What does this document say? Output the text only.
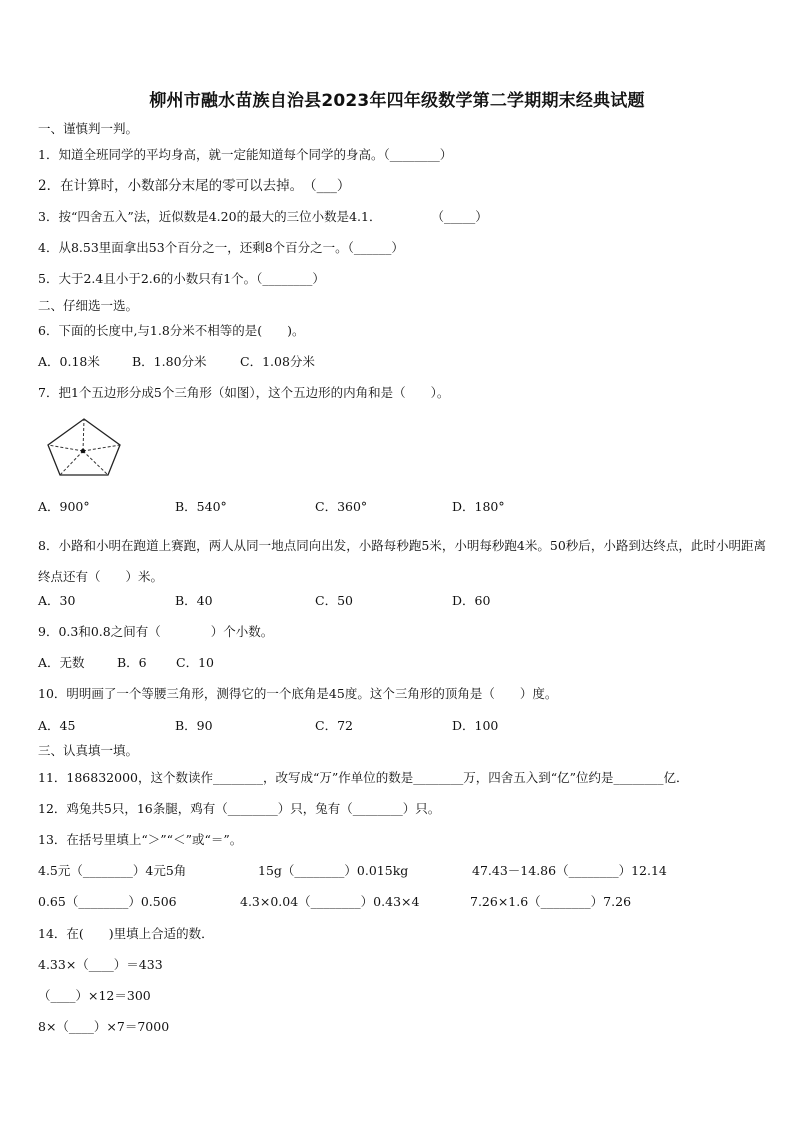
柳州市融水苗族自治县2023年四年级数学第二学期期末经典试题
一、谨慎判一判。
1．知道全班同学的平均身高，就一定能知道每个同学的身高。（________）
2．在计算时，小数部分末尾的零可以去掉。　（___）
3．按“四舍五入”法，近似数是4.20的最大的三位小数是4.1．　　　　　（_____）
4．从8.53里面拿出53个百分之一，还剩8个百分之一。（______）
5．大于2.4且小于2.6的小数只有1个。（________）
二、仔细选一选。
6．下面的长度中,与1.8分米不相等的是(　　)。
A．0.18米	B．1.80分米	C．1.08分米
7．把1个五边形分成5个三角形（如图），这个五边形的内角和是（　　）。
A．900°	B．540°	C．360°	D．180°
8．小路和小明在跑道上赛跑，两人从同一地点同向出发，小路每秒跑5米，小明每秒跑4米。50秒后，小路到达终点，此时小明距离终点还有（　　）米。
A．30	B．40	C．50	D．60
9．0.3和0.8之间有（　　　　）个小数。
A．无数	B．6 C．10
10．明明画了一个等腰三角形，测得它的一个底角是45度。这个三角形的顶角是（　　）度。
A．45	B．90	C．72	D．100
三、认真填一填。
11．186832000，这个数读作________，改写成“万”作单位的数是________万，四舍五入到“亿”位约是________亿．
12．鸡兔共5只，16条腿，鸡有（________）只，兔有（________）只。
13．在括号里填上“＞”“＜”或“＝”。
4.5元（________）4元5角	15g（________）0.015kg	47.43－14.86（________）12.14
0.65（________）0.506	4.3×0.04（________）0.43×4	7.26×1.6（________）7.26
14．在(　　)里填上合适的数．
4.33×（____）＝433
（____）×12＝300
8×（____）×7＝7000
